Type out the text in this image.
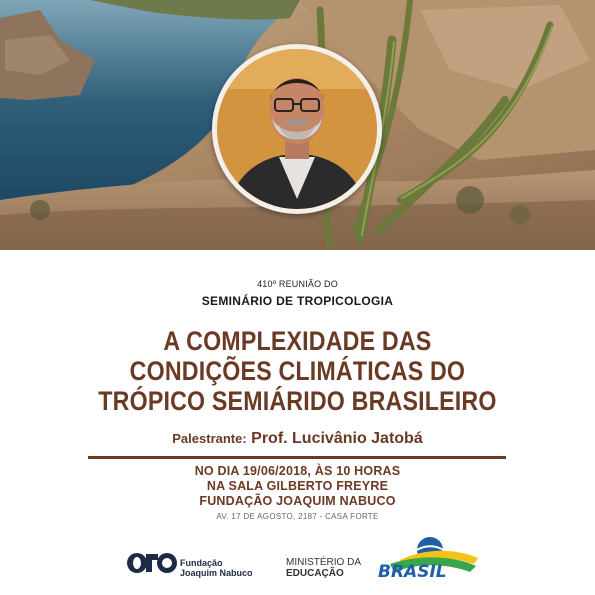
410º REUNIÃO DO
SEMINÁRIO DE TROPICOLOGIA
A COMPLEXIDADE DAS
CONDIÇÕES CLIMÁTICAS DO
TRÓPICO SEMIÁRIDO BRASILEIRO
Palestrante: Prof. Lucivânio Jatobá
NO DIA 19/06/2018, ÀS 10 HORAS
NA SALA GILBERTO FREYRE
FUNDAÇÃO JOAQUIM NABUCO
AV. 17 DE AGOSTO, 2187 - CASA FORTE
Fundação
Joaquim Nabuco
MINISTÉRIO DA
EDUCAÇÃO	BRASIL
